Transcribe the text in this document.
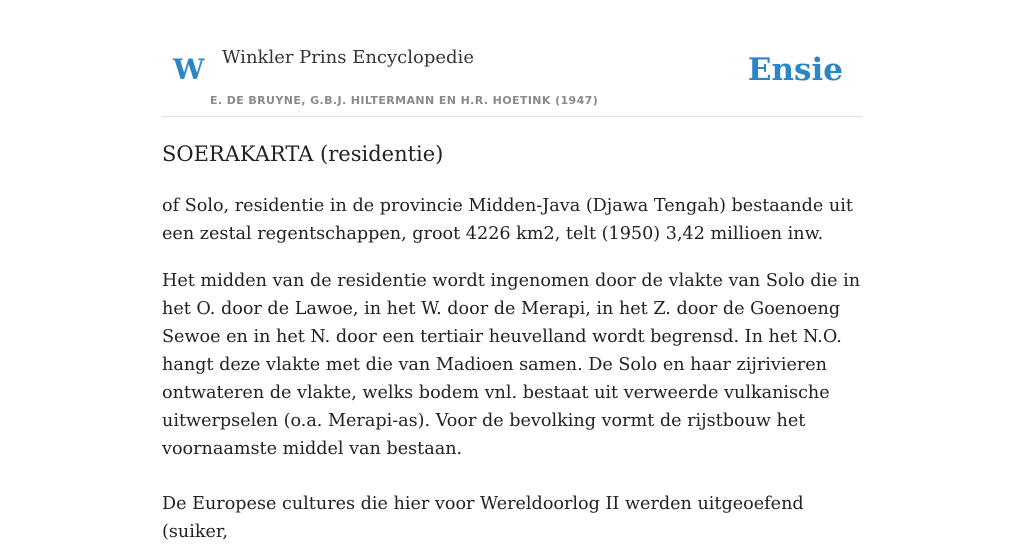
W Winkler Prins Encyclopedie
E. DE BRUYNE, G.B.J. HILTERMANN EN H.R. HOETINK (1947)
Ensie
SOERAKARTA (residentie)

of Solo, residentie in de provincie Midden-Java (Djawa Tengah) bestaande uit een zestal regentschappen, groot 4226 km2, telt (1950) 3,42 millioen inw.

Het midden van de residentie wordt ingenomen door de vlakte van Solo die in het O. door de Lawoe, in het W. door de Merapi, in het Z. door de Goenoeng Sewoe en in het N. door een tertiair heuvelland wordt begrensd. In het N.O. hangt deze vlakte met die van Madioen samen. De Solo en haar zijrivieren ontwateren de vlakte, welks bodem vnl. bestaat uit verweerde vulkanische uitwerpselen (o.a. Merapi-as). Voor de bevolking vormt de rijstbouw het voornaamste middel van bestaan.

De Europese cultures die hier voor Wereldoorlog II werden uitgeoefend (suiker,
